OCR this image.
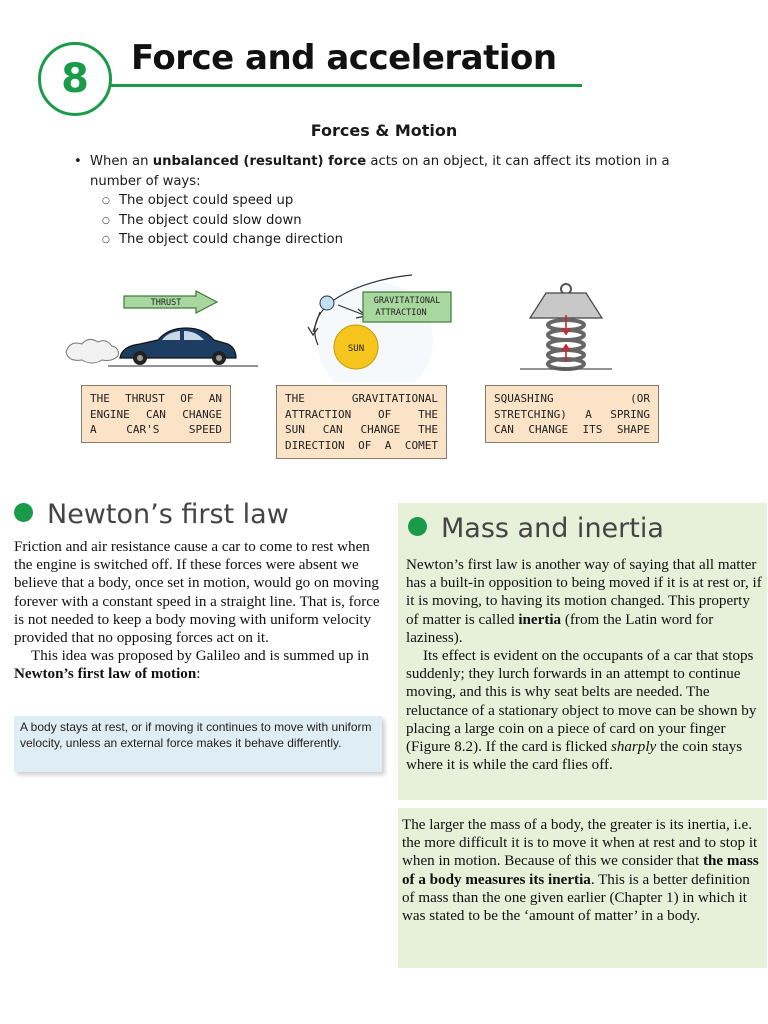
8 Force and acceleration
Forces & Motion
• When an unbalanced (resultant) force acts on an object, it can affect its motion in a number of ways:
○ The object could speed up
○ The object could slow down
○ The object could change direction
THRUST
SUN
GRAVITATIONAL
ATTRACTION
THE THRUST OF AN
ENGINE CAN CHANGE
A CAR'S SPEED
THE GRAVITATIONAL
ATTRACTION OF THE
SUN CAN CHANGE THE
DIRECTION OF A COMET
SQUASHING (OR
STRETCHING) A SPRING
CAN CHANGE ITS SHAPE
Newton’s first law

Friction and air resistance cause a car to come to rest when the engine is switched off. If these forces were absent we believe that a body, once set in motion, would go on moving forever with a constant speed in a straight line. That is, force is not needed to keep a body moving with uniform velocity provided that no opposing forces act on it.

This idea was proposed by Galileo and is summed up in Newton’s first law of motion:

A body stays at rest, or if moving it continues to move with uniform velocity, unless an external force makes it behave differently.
Mass and inertia

Newton’s first law is another way of saying that all matter has a built-in opposition to being moved if it is at rest or, if it is moving, to having its motion changed. This property of matter is called inertia (from the Latin word for laziness).

Its effect is evident on the occupants of a car that stops suddenly; they lurch forwards in an attempt to continue moving, and this is why seat belts are needed. The reluctance of a stationary object to move can be shown by placing a large coin on a piece of card on your finger (Figure 8.2). If the card is flicked sharply the coin stays where it is while the card flies off.

The larger the mass of a body, the greater is its inertia, i.e. the more difficult it is to move it when at rest and to stop it when in motion. Because of this we consider that the mass of a body measures its inertia. This is a better definition of mass than the one given earlier (Chapter 1) in which it was stated to be the ‘amount of matter’ in a body.
